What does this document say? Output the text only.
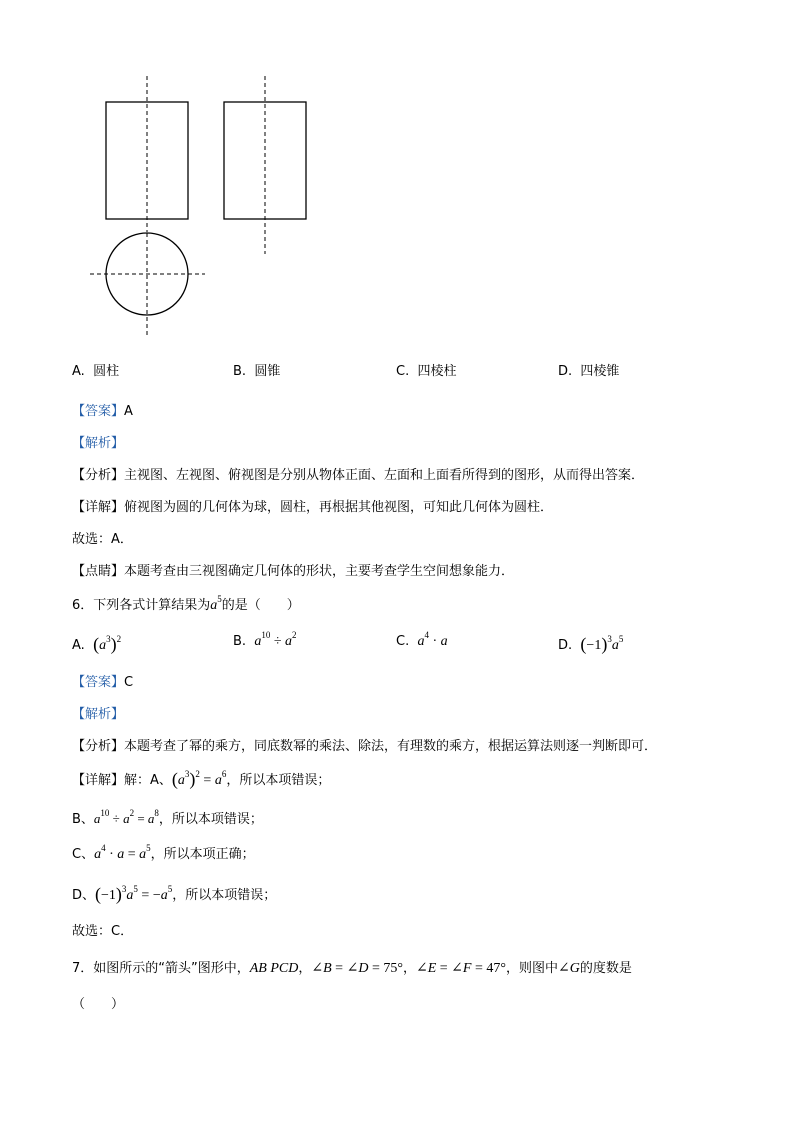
A. 圆柱	B. 圆锥	C. 四棱柱	D. 四棱锥
【答案】A
【解析】
【分析】主视图、左视图、俯视图是分别从物体正面、左面和上面看所得到的图形，从而得出答案．
【详解】俯视图为圆的几何体为球，圆柱，再根据其他视图，可知此几何体为圆柱．
故选：A．
【点睛】本题考查由三视图确定几何体的形状，主要考查学生空间想象能力．
6．下列各式计算结果为$a^5$的是（　　）
A. $(a^3)^2$	B. $a^{10} \div a^2$	C. $a^4 \cdot a$	D. $(-1)^3a^5$
【答案】C
【解析】
【分析】本题考查了幂的乘方，同底数幂的乘法、除法，有理数的乘方，根据运算法则逐一判断即可．
【详解】解：A、$(a^3)^2 = a^6$，所以本项错误；
B、$a^{10} \div a^2 = a^8$，所以本项错误；
C、$a^4 \cdot a = a^5$，所以本项正确；
D、$(-1)^3a^5 = -a^5$，所以本项错误；
故选：C．
7．如图所示的“箭头”图形中，AB PCD，∠B = ∠D = 75°，∠E = ∠F = 47°，则图中∠G的度数是
（　　）
